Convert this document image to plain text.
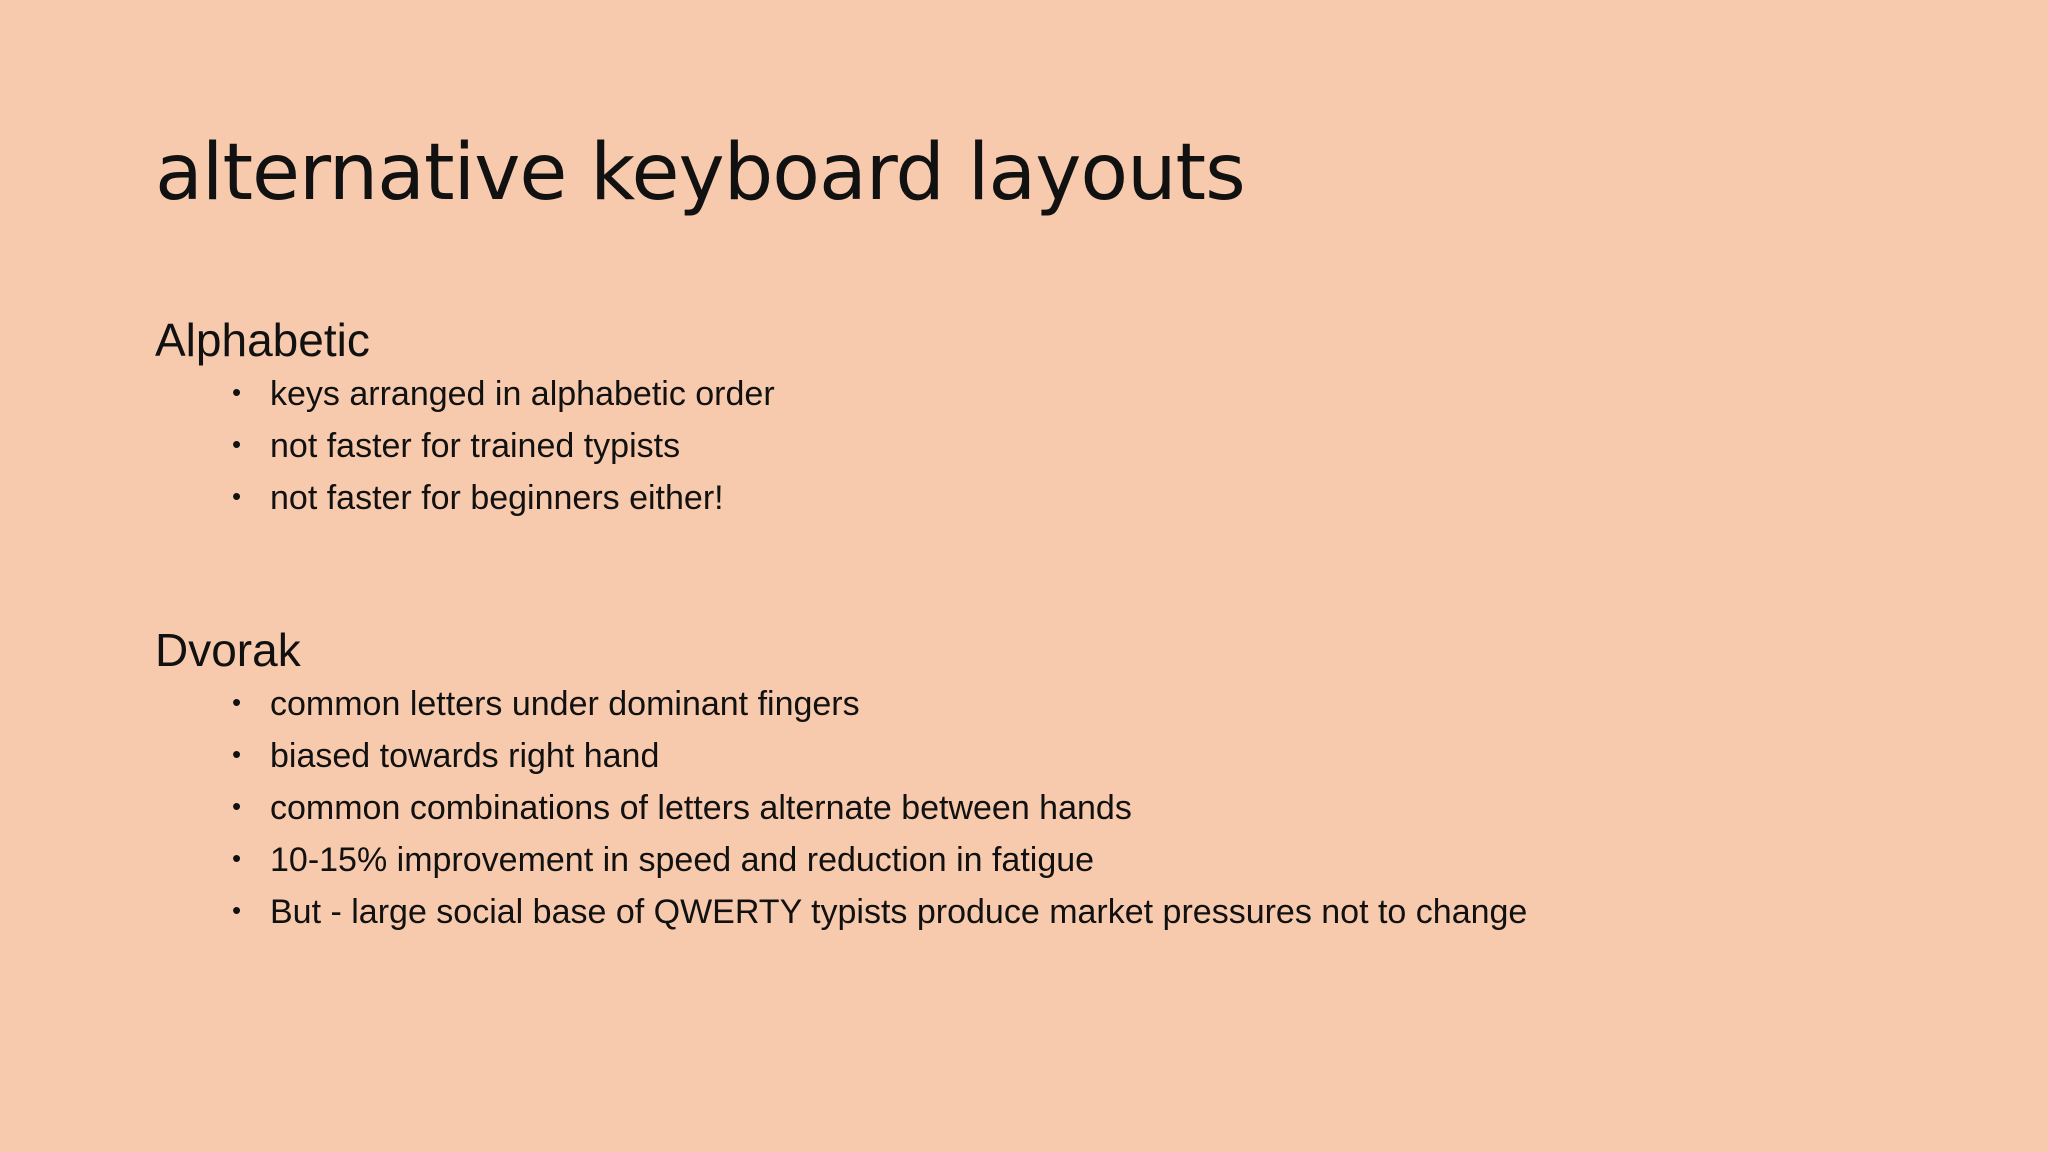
alternative keyboard layouts
Alphabetic
• keys arranged in alphabetic order
• not faster for trained typists
• not faster for beginners either!
Dvorak
• common letters under dominant fingers
• biased towards right hand
• common combinations of letters alternate between hands
• 10-15% improvement in speed and reduction in fatigue
• But - large social base of QWERTY typists produce market pressures not to change
